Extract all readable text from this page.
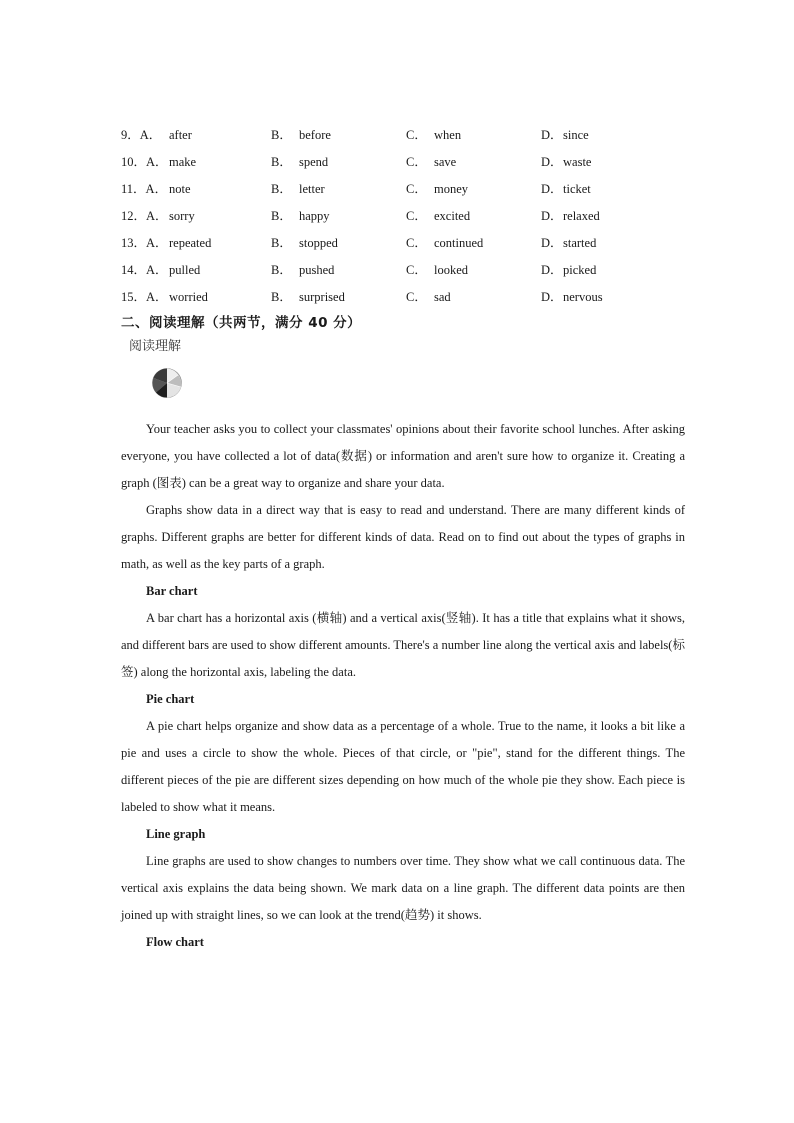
9．A． after	B． before	C． when	D． since
10．A． make	B． spend	C． save	D． waste
11．A． note	B． letter	C． money	D． ticket
12．A． sorry	B． happy	C． excited	D． relaxed
13．A． repeated	B． stopped	C． continued	D． started
14．A． pulled	B． pushed	C． looked	D． picked
15．A． worried	B． surprised	C． sad	D． nervous
二、阅读理解（共两节，满分 40 分）
阅读理解

Your teacher asks you to collect your classmates' opinions about their favorite school lunches. After asking everyone, you have collected a lot of data(数据) or information and aren't sure how to organize it. Creating a graph (图表) can be a great way to organize and share your data.

Graphs show data in a direct way that is easy to read and understand. There are many different kinds of graphs. Different graphs are better for different kinds of data. Read on to find out about the types of graphs in math, as well as the key parts of a graph.

Bar chart

A bar chart has a horizontal axis (横轴) and a vertical axis(竖轴). It has a title that explains what it shows, and different bars are used to show different amounts. There's a number line along the vertical axis and labels(标签) along the horizontal axis, labeling the data.

Pie chart

A pie chart helps organize and show data as a percentage of a whole. True to the name, it looks a bit like a pie and uses a circle to show the whole. Pieces of that circle, or "pie", stand for the different things. The different pieces of the pie are different sizes depending on how much of the whole pie they show. Each piece is labeled to show what it means.

Line graph

Line graphs are used to show changes to numbers over time. They show what we call continuous data. The vertical axis explains the data being shown. We mark data on a line graph. The different data points are then joined up with straight lines, so we can look at the trend(趋势) it shows.

Flow chart
